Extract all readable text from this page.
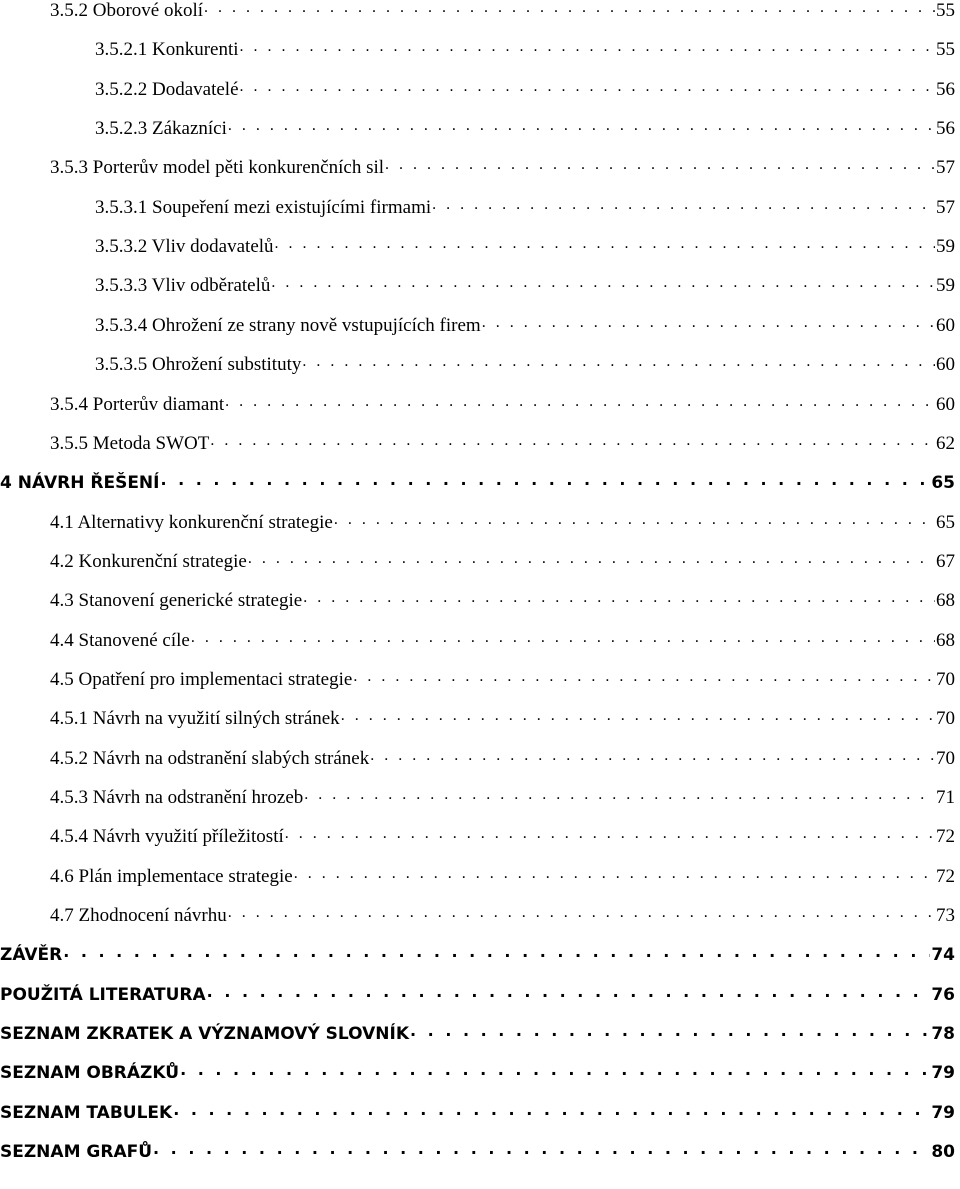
3.5.2 Oborové okolí . . .	55
3.5.2.1 Konkurenti . . .	55
3.5.2.2 Dodavatelé . . .	56
3.5.2.3 Zákazníci . . .	56
3.5.3 Porterův model pěti konkurenčních sil . . .	57
3.5.3.1 Soupeření mezi existujícími firmami . . .	57
3.5.3.2 Vliv dodavatelů . . .	59
3.5.3.3 Vliv odběratelů . . .	59
3.5.3.4 Ohrožení ze strany nově vstupujících firem . . .	60
3.5.3.5 Ohrožení substituty . . .	60
3.5.4 Porterův diamant . . .	60
3.5.5 Metoda SWOT . . .	62
4 NÁVRH ŘEŠENÍ . . .	65
4.1 Alternativy konkurenční strategie . . .	65
4.2 Konkurenční strategie . . .	67
4.3 Stanovení generické strategie . . .	68
4.4 Stanovené cíle . . .	68
4.5 Opatření pro implementaci strategie . . .	70
4.5.1 Návrh na využití silných stránek . . .	70
4.5.2 Návrh na odstranění slabých stránek . . .	70
4.5.3 Návrh na odstranění hrozeb . . .	71
4.5.4 Návrh využití příležitostí . . .	72
4.6 Plán implementace strategie . . .	72
4.7 Zhodnocení návrhu . . .	73
ZÁVĚR . . .	74
POUŽITÁ LITERATURA . . .	76
SEZNAM ZKRATEK A VÝZNAMOVÝ SLOVNÍK . . .	78
SEZNAM OBRÁZKŮ . . .	79
SEZNAM TABULEK . . .	79
SEZNAM GRAFŮ . . .	80
